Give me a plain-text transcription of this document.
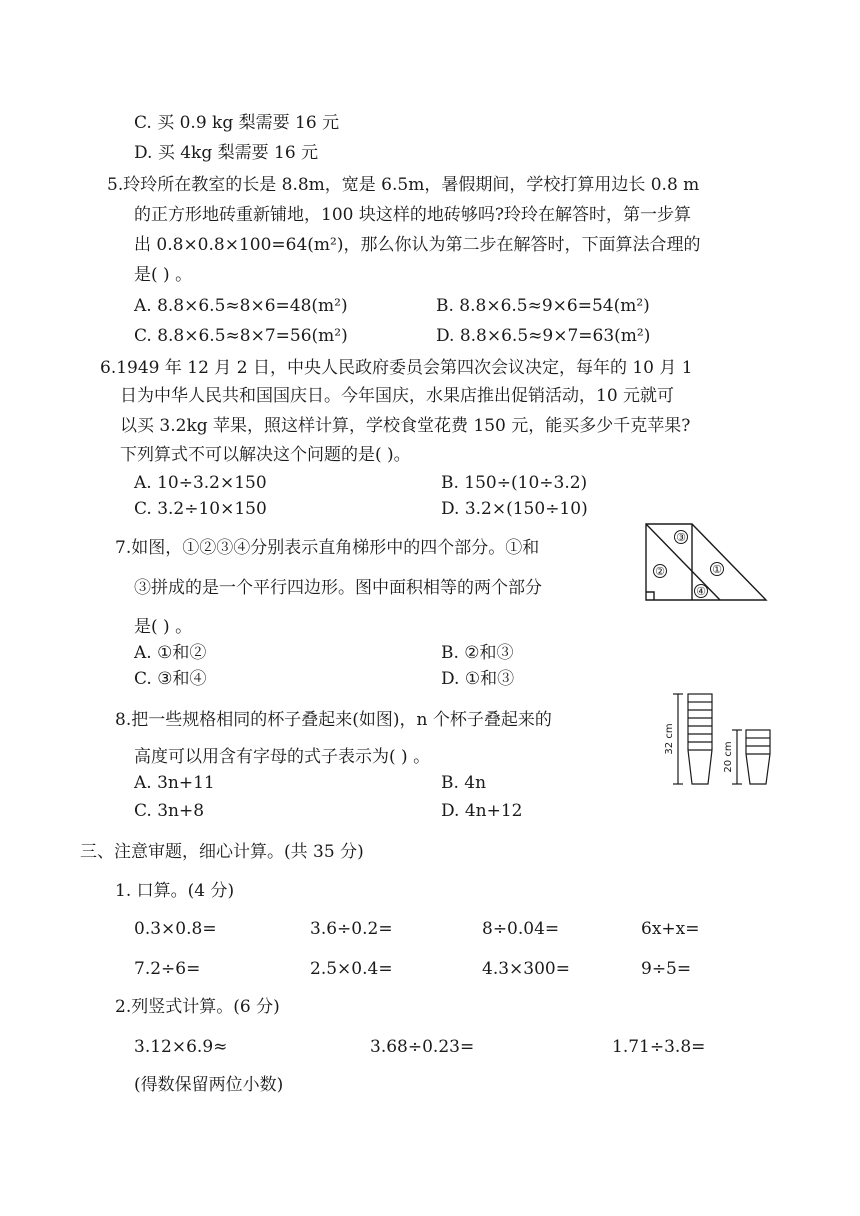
C. 买 0.9 kg 梨需要 16 元
D. 买 4kg 梨需要 16 元
5.玲玲所在教室的长是 8.8m，宽是 6.5m，暑假期间，学校打算用边长 0.8 m
的正方形地砖重新铺地，100 块这样的地砖够吗?玲玲在解答时，第一步算
出 0.8×0.8×100=64(m²)，那么你认为第二步在解答时，下面算法合理的
是( ) 。
A. 8.8×6.5≈8×6=48(m²)	B. 8.8×6.5≈9×6=54(m²)
C. 8.8×6.5≈8×7=56(m²)	D. 8.8×6.5≈9×7=63(m²)
6.1949 年 12 月 2 日，中央人民政府委员会第四次会议决定，每年的 10 月 1
日为中华人民共和国国庆日。今年国庆，水果店推出促销活动，10 元就可
以买 3.2kg 苹果，照这样计算，学校食堂花费 150 元，能买多少千克苹果?
下列算式不可以解决这个问题的是( )。
A. 10÷3.2×150	B. 150÷(10÷3.2)
C. 3.2÷10×150	D. 3.2×(150÷10)
7.如图，①②③④分别表示直角梯形中的四个部分。①和
③拼成的是一个平行四边形。图中面积相等的两个部分
是( ) 。
A. ①和②	B. ②和③
C. ③和④	D. ①和③
③
②	①
④
8.把一些规格相同的杯子叠起来(如图)，n 个杯子叠起来的
高度可以用含有字母的式子表示为( ) 。
A. 3n+11	B. 4n
C. 3n+8	D. 4n+12
32 cm
20 cm
三、注意审题，细心计算。(共 35 分)
1. 口算。(4 分)
0.3×0.8=	3.6÷0.2=	8÷0.04=	6x+x=
7.2÷6=	2.5×0.4=	4.3×300=	9÷5=
2.列竖式计算。(6 分)
3.12×6.9≈	3.68÷0.23=	1.71÷3.8=
(得数保留两位小数)
